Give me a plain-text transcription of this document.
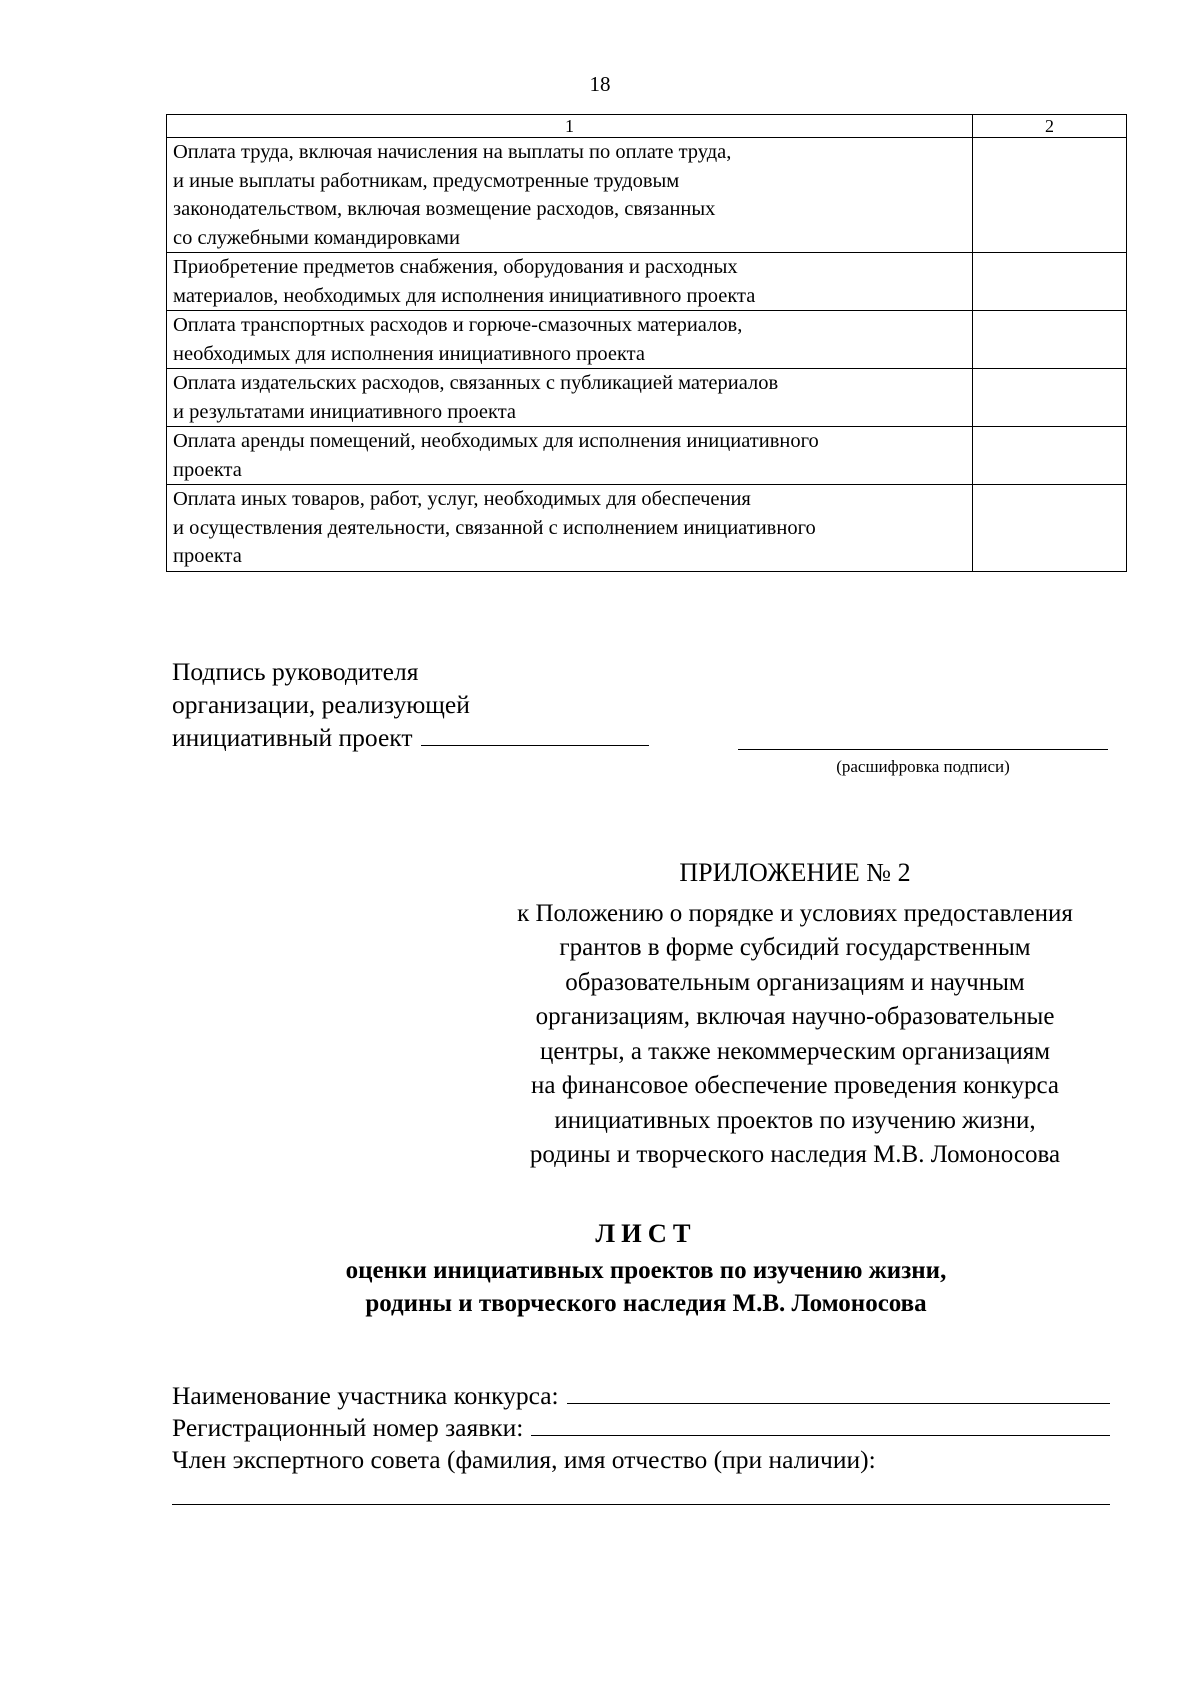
18
1	2

Оплата труда, включая начисления на выплаты по оплате труда,
и иные выплаты работникам, предусмотренные трудовым
законодательством, включая возмещение расходов, связанных
со служебными командировками	

Приобретение предметов снабжения, оборудования и расходных
материалов, необходимых для исполнения инициативного проекта	

Оплата транспортных расходов и горюче-смазочных материалов,
необходимых для исполнения инициативного проекта	

Оплата издательских расходов, связанных с публикацией материалов
и результатами инициативного проекта	

Оплата аренды помещений, необходимых для исполнения инициативного
проекта	

Оплата иных товаров, работ, услуг, необходимых для обеспечения
и осуществления деятельности, связанной с исполнением инициативного
проекта	

Подпись руководителя
организации, реализующей
инициативный проект
(расшифровка подписи)
ПРИЛОЖЕНИЕ № 2
к Положению о порядке и условиях предоставления
грантов в форме субсидий государственным
образовательным организациям и научным
организациям, включая научно-образовательные
центры, а также некоммерческим организациям
на финансовое обеспечение проведения конкурса
инициативных проектов по изучению жизни,
родины и творческого наследия М.В. Ломоносова
ЛИСТ
оценки инициативных проектов по изучению жизни,
родины и творческого наследия М.В. Ломоносова
Наименование участника конкурса:
Регистрационный номер заявки:
Член экспертного совета (фамилия, имя отчество (при наличии):
